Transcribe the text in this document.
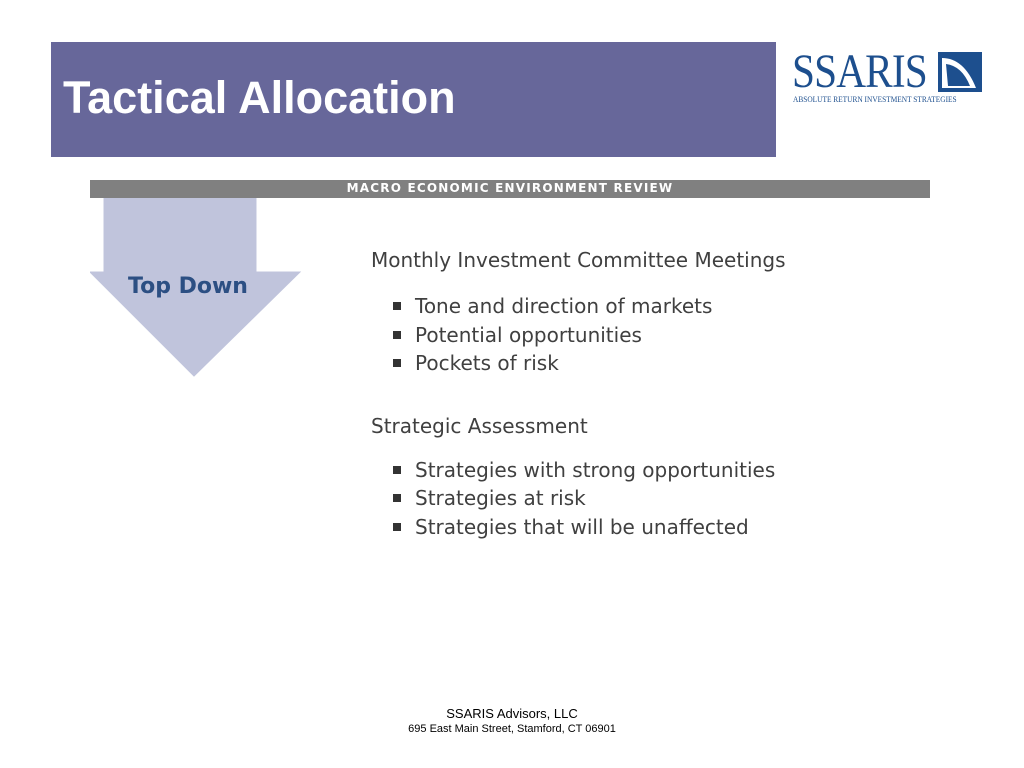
Tactical Allocation	SSARIS
ABSOLUTE RETURN INVESTMENT STRATEGIES
MACRO ECONOMIC ENVIRONMENT REVIEW
Top Down

Monthly Investment Committee Meetings

Tone and direction of markets
Potential opportunities
Pockets of risk

Strategic Assessment

Strategies with strong opportunities
Strategies at risk
Strategies that will be unaffected
SSARIS Advisors, LLC
695 East Main Street, Stamford, CT 06901
